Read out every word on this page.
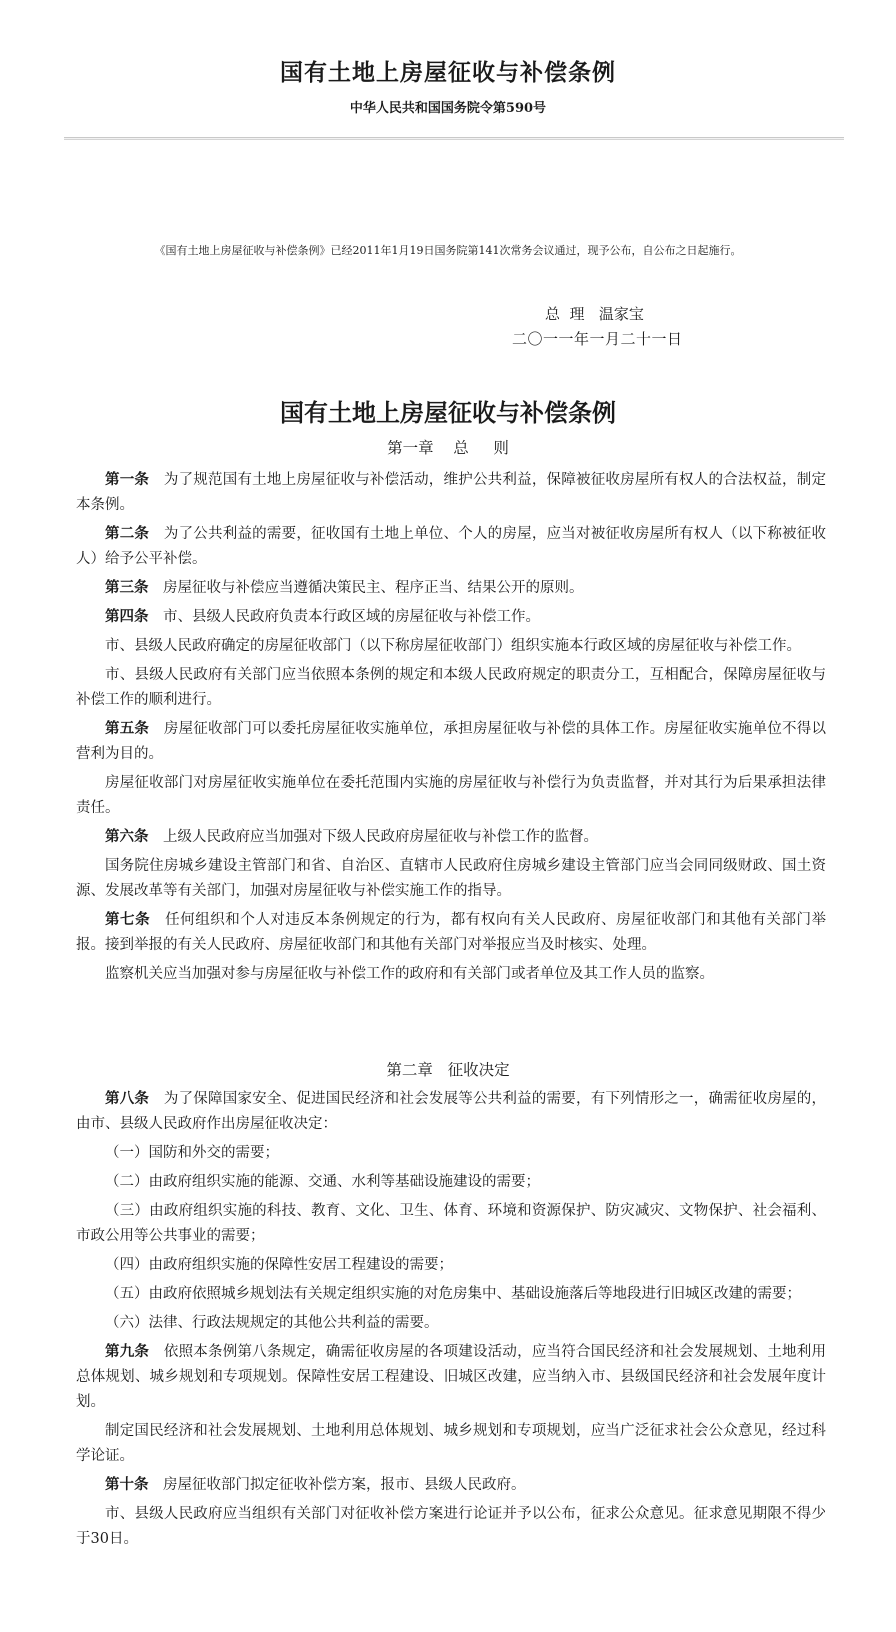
国有土地上房屋征收与补偿条例
中华人民共和国国务院令第590号
《国有土地上房屋征收与补偿条例》已经2011年1月19日国务院第141次常务会议通过，现予公布，自公布之日起施行。
总  理   温家宝
二〇一一年一月二十一日
国有土地上房屋征收与补偿条例
第一章    总     则

第一条　 为了规范国有土地上房屋征收与补偿活动，维护公共利益，保障被征收房屋所有权人的合法权益，制定本条例。

第二条　 为了公共利益的需要，征收国有土地上单位、个人的房屋，应当对被征收房屋所有权人（以下称被征收人）给予公平补偿。

第三条　 房屋征收与补偿应当遵循决策民主、程序正当、结果公开的原则。

第四条　 市、县级人民政府负责本行政区域的房屋征收与补偿工作。

市、县级人民政府确定的房屋征收部门（以下称房屋征收部门）组织实施本行政区域的房屋征收与补偿工作。

市、县级人民政府有关部门应当依照本条例的规定和本级人民政府规定的职责分工，互相配合，保障房屋征收与补偿工作的顺利进行。

第五条　 房屋征收部门可以委托房屋征收实施单位，承担房屋征收与补偿的具体工作。房屋征收实施单位不得以营利为目的。

房屋征收部门对房屋征收实施单位在委托范围内实施的房屋征收与补偿行为负责监督，并对其行为后果承担法律责任。

第六条　 上级人民政府应当加强对下级人民政府房屋征收与补偿工作的监督。

国务院住房城乡建设主管部门和省、自治区、直辖市人民政府住房城乡建设主管部门应当会同同级财政、国土资源、发展改革等有关部门，加强对房屋征收与补偿实施工作的指导。

第七条　 任何组织和个人对违反本条例规定的行为，都有权向有关人民政府、房屋征收部门和其他有关部门举报。接到举报的有关人民政府、房屋征收部门和其他有关部门对举报应当及时核实、处理。

监察机关应当加强对参与房屋征收与补偿工作的政府和有关部门或者单位及其工作人员的监察。

第二章   征收决定

第八条　 为了保障国家安全、促进国民经济和社会发展等公共利益的需要，有下列情形之一，确需征收房屋的，由市、县级人民政府作出房屋征收决定：

（一）国防和外交的需要；

（二）由政府组织实施的能源、交通、水利等基础设施建设的需要；

（三）由政府组织实施的科技、教育、文化、卫生、体育、环境和资源保护、防灾减灾、文物保护、社会福利、市政公用等公共事业的需要；

（四）由政府组织实施的保障性安居工程建设的需要；

（五）由政府依照城乡规划法有关规定组织实施的对危房集中、基础设施落后等地段进行旧城区改建的需要；

（六）法律、行政法规规定的其他公共利益的需要。

第九条　 依照本条例第八条规定，确需征收房屋的各项建设活动，应当符合国民经济和社会发展规划、土地利用总体规划、城乡规划和专项规划。保障性安居工程建设、旧城区改建，应当纳入市、县级国民经济和社会发展年度计划。

制定国民经济和社会发展规划、土地利用总体规划、城乡规划和专项规划，应当广泛征求社会公众意见，经过科学论证。

第十条　 房屋征收部门拟定征收补偿方案，报市、县级人民政府。

市、县级人民政府应当组织有关部门对征收补偿方案进行论证并予以公布，征求公众意见。征求意见期限不得少于30日。
